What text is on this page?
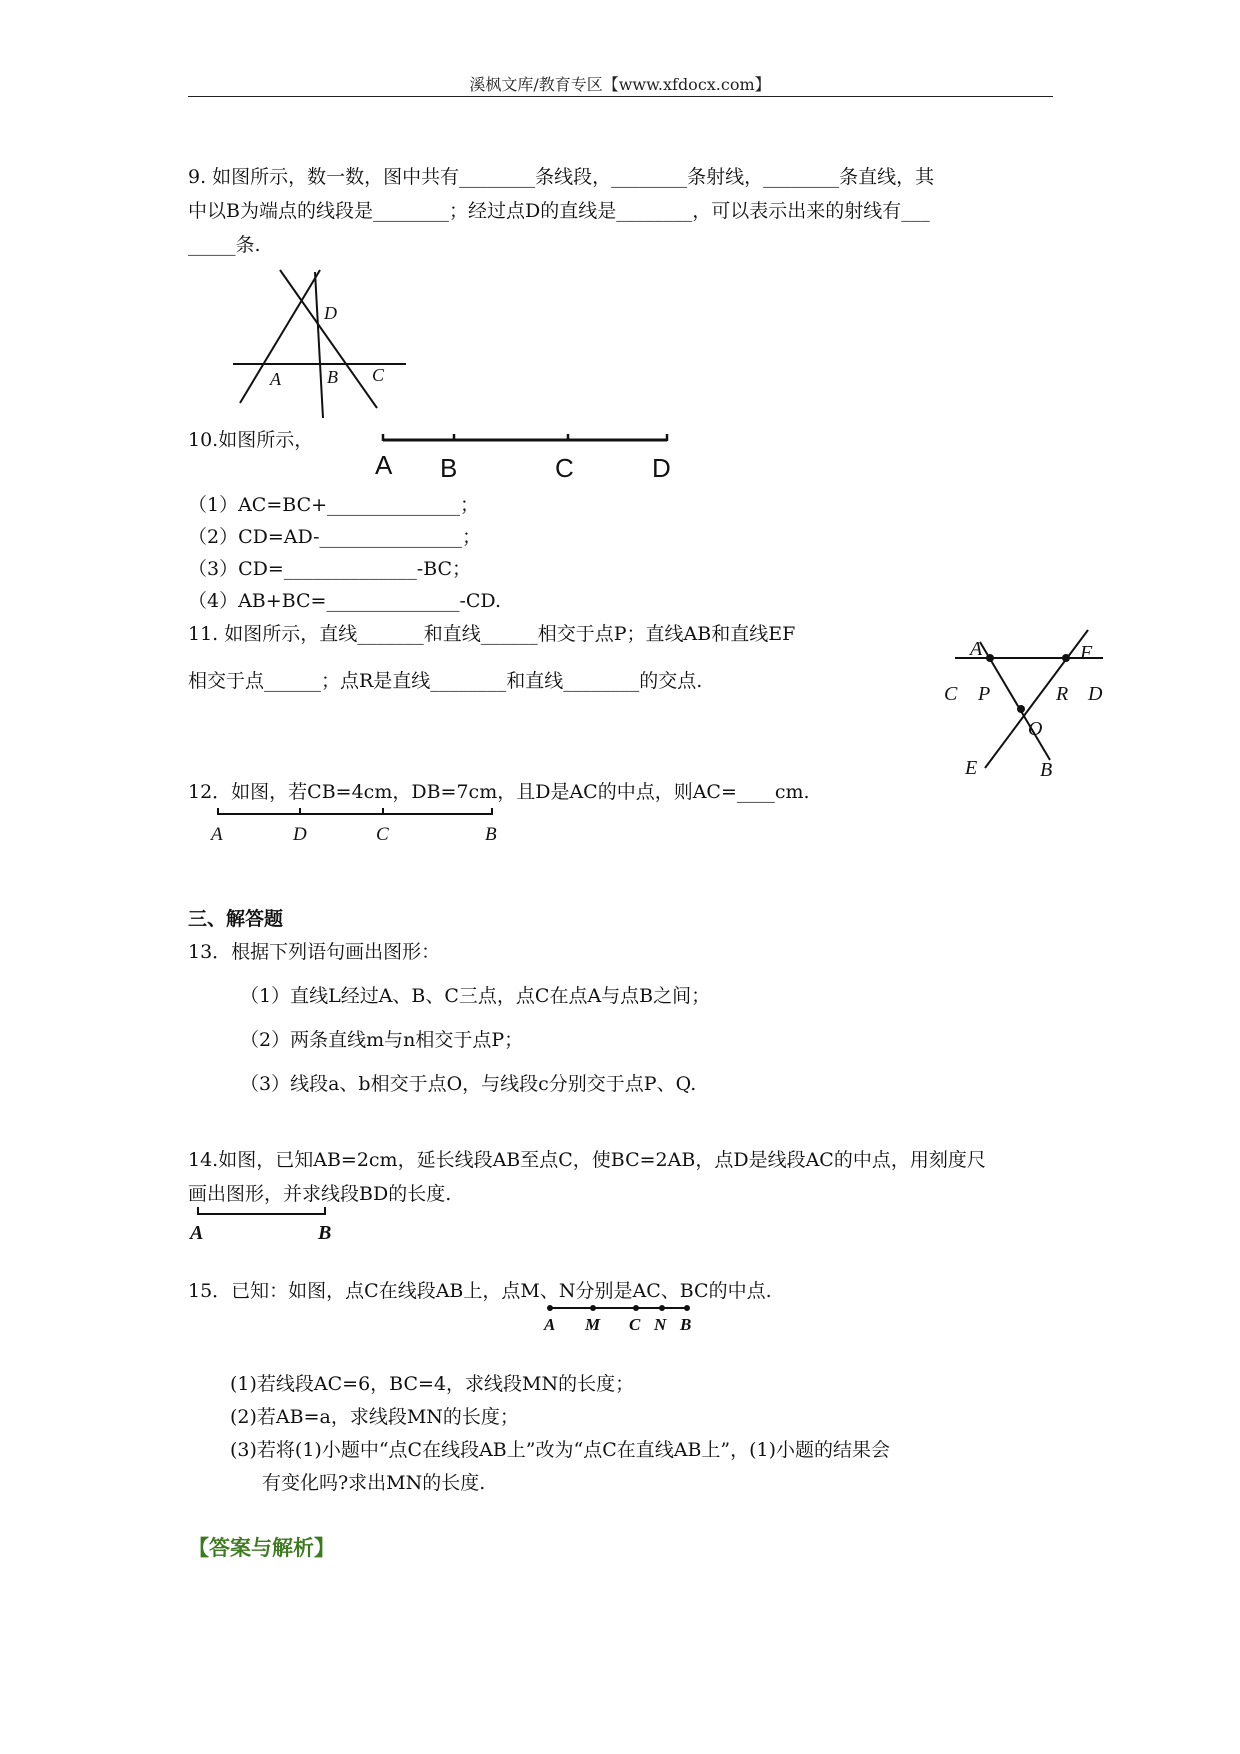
溪枫文库/教育专区【www.xfdocx.com】
9. 如图所示，数一数，图中共有________条线段，________条射线，________条直线，其
中以B为端点的线段是________；经过点D的直线是________，可以表示出来的射线有___
_____条.
D
A	B C
10.如图所示，
A B	C	D
（1）AC=BC+______________；
（2）CD=AD-_______________；
（3）CD=______________-BC；
（4）AB+BC=______________-CD.
11. 如图所示，直线_______和直线______相交于点P；直线AB和直线EF
相交于点______；点R是直线________和直线________的交点.
A	F
C P	R D
O
E	B
12．如图，若CB=4cm，DB=7cm，且D是AC的中点，则AC=____cm.
A	D	C	B
三、解答题
13．根据下列语句画出图形：
（1）直线L经过A、B、C三点，点C在点A与点B之间；
（2）两条直线m与n相交于点P；
（3）线段a、b相交于点O，与线段c分别交于点P、Q.
14.如图，已知AB=2cm，延长线段AB至点C，使BC=2AB，点D是线段AC的中点，用刻度尺
画出图形，并求线段BD的长度.
A	B
15．已知：如图，点C在线段AB上，点M、N分别是AC、BC的中点.
A M C N B
(1)若线段AC=6，BC=4，求线段MN的长度；
(2)若AB=a，求线段MN的长度；
(3)若将(1)小题中“点C在线段AB上”改为“点C在直线AB上”，(1)小题的结果会
有变化吗?求出MN的长度.
【答案与解析】
